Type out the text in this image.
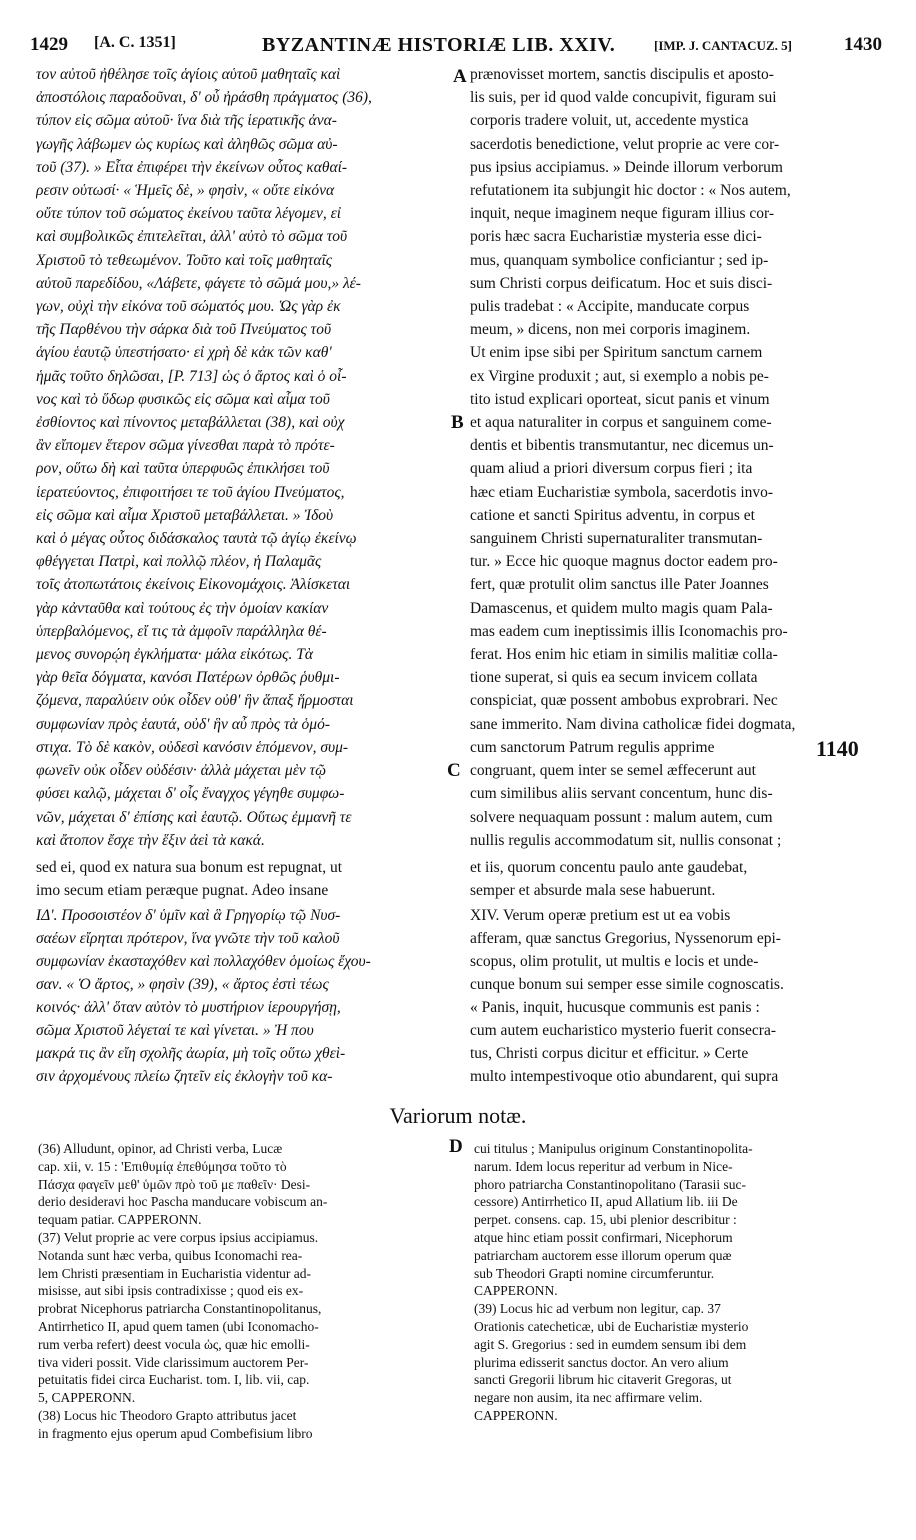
1429 [A. C. 1351]	BYZANTINÆ HISTORIÆ LIB. XXIV.	[IMP. J. CANTACUZ. 5]	1430
τον αὐτοῦ ἠθέλησε τοῖς ἁγίοις αὑτοῦ μαθηταῖς καὶ
ἀποστόλοις παραδοῦναι, δ' οὗ ἠράσθη πράγματος (36),
τύπον εἰς σῶμα αὐτοῦ· ἵνα διὰ τῆς ἱερατικῆς ἀνα-
γωγῆς λάβωμεν ὡς κυρίως καὶ ἀληθῶς σῶμα αὐ-
τοῦ (37). » Εἶτα ἐπιφέρει τὴν ἐκείνων οὗτος καθαί-
ρεσιν οὑτωσί· « Ἡμεῖς δὲ, » φησὶν, « οὔτε εἰκόνα
οὔτε τύπον τοῦ σώματος ἐκείνου ταῦτα λέγομεν, εἰ
καὶ συμβολικῶς ἐπιτελεῖται, ἀλλ' αὐτὸ τὸ σῶμα τοῦ
Χριστοῦ τὸ τεθεωμένον. Τοῦτο καὶ τοῖς μαθηταῖς
αὐτοῦ παρεδίδου, «Λάβετε, φάγετε τὸ σῶμά μου,» λέ-
γων, οὐχὶ τὴν εἰκόνα τοῦ σώματός μου. Ὡς γὰρ ἐκ
τῆς Παρθένου τὴν σάρκα διὰ τοῦ Πνεύματος τοῦ
ἁγίου ἑαυτῷ ὑπεστήσατο· εἰ χρὴ δὲ κἀκ τῶν καθ'
ἡμᾶς τοῦτο δηλῶσαι, [P. 713] ὡς ὁ ἄρτος καὶ ὁ οἶ-
νος καὶ τὸ ὕδωρ φυσικῶς εἰς σῶμα καὶ αἷμα τοῦ
ἐσθίοντος καὶ πίνοντος μεταβάλλεται (38), καὶ οὐχ
ἂν εἴπομεν ἕτερον σῶμα γίνεσθαι παρὰ τὸ πρότε-
ρον, οὕτω δὴ καὶ ταῦτα ὑπερφυῶς ἐπικλήσει τοῦ
ἱερατεύοντος, ἐπιφοιτήσει τε τοῦ ἁγίου Πνεύματος,
εἰς σῶμα καὶ αἷμα Χριστοῦ μεταβάλλεται. » Ἰδοὺ
καὶ ὁ μέγας οὗτος διδάσκαλος ταυτὰ τῷ ἁγίῳ ἐκείνῳ
φθέγγεται Πατρὶ, καὶ πολλῷ πλέον, ἡ Παλαμᾶς
τοῖς ἀτοπωτάτοις ἐκείνοις Εἰκονομάχοις. Ἁλίσκεται
γὰρ κἀνταῦθα καὶ τούτους ἐς τὴν ὁμοίαν κακίαν
ὑπερβαλόμενος, εἴ τις τὰ ἀμφοῖν παράλληλα θέ-
μενος συνορῴη ἐγκλήματα· μάλα εἰκότως. Τὰ
γὰρ θεῖα δόγματα, κανόσι Πατέρων ὀρθῶς ῥυθμι-
ζόμενα, παραλύειν οὐκ οἶδεν οὐθ' ἣν ἅπαξ ἥρμοσται
συμφωνίαν πρὸς ἑαυτά, οὐδ' ἣν αὖ πρὸς τὰ ὁμό-
στιχα. Τὸ δὲ κακὸν, οὐδεσὶ κανόσιν ἑπόμενον, συμ-
φωνεῖν οὐκ οἶδεν οὐδέσιν· ἀλλὰ μάχεται μὲν τῷ
φύσει καλῷ, μάχεται δ' οἷς ἔναγχος γέγηθε συμφω-
νῶν, μάχεται δ' ἐπίσης καὶ ἑαυτῷ. Οὕτως ἐμμανῆ τε
καὶ ἄτοπον ἔσχε τὴν ἕξιν ἀεὶ τὰ κακά.
prænovisset mortem, sanctis discipulis et aposto-
lis suis, per id quod valde concupivit, figuram sui
corporis tradere voluit, ut, accedente mystica
sacerdotis benedictione, velut proprie ac vere cor-
pus ipsius accipiamus. » Deinde illorum verborum
refutationem ita subjungit hic doctor : « Nos autem,
inquit, neque imaginem neque figuram illius cor-
poris hæc sacra Eucharistiæ mysteria esse dici-
mus, quanquam symbolice conficiantur ; sed ip-
sum Christi corpus deificatum. Hoc et suis disci-
pulis tradebat : « Accipite, manducate corpus
meum, » dicens, non mei corporis imaginem.
Ut enim ipse sibi per Spiritum sanctum carnem
ex Virgine produxit ; aut, si exemplo a nobis pe-
tito istud explicari oporteat, sicut panis et vinum
et aqua naturaliter in corpus et sanguinem come-
dentis et bibentis transmutantur, nec dicemus un-
quam aliud a priori diversum corpus fieri ; ita
hæc etiam Eucharistiæ symbola, sacerdotis invo-
catione et sancti Spiritus adventu, in corpus et
sanguinem Christi supernaturaliter transmutan-
tur. » Ecce hic quoque magnus doctor eadem pro-
fert, quæ protulit olim sanctus ille Pater Joannes
Damascenus, et quidem multo magis quam Pala-
mas eadem cum ineptissimis illis Iconomachis pro-
ferat. Hos enim hic etiam in similis malitiæ colla-
tione superat, si quis ea secum invicem collata
conspiciat, quæ possent ambobus exprobrari. Nec
sane immerito. Nam divina catholicæ fidei dogmata,
cum sanctorum Patrum regulis apprime
congruant, quem inter se semel æffecerunt aut
cum similibus aliis servant concentum, hunc dis-
solvere nequaquam possunt : malum autem, cum
nullis regulis accommodatum sit, nullis consonat ;
A
B
C
D
1140
sed ei, quod ex natura sua bonum est repugnat, ut
imo secum etiam peræque pugnat. Adeo insane
et iis, quorum concentu paulo ante gaudebat,
semper et absurde mala sese habuerunt.
ΙΔ'. Προσοιστέον δ' ὑμῖν καὶ ἃ Γρηγορίῳ τῷ Νυσ-
σαέων εἴρηται πρότερον, ἵνα γνῶτε τὴν τοῦ καλοῦ
συμφωνίαν ἑκασταχόθεν καὶ πολλαχόθεν ὁμοίως ἔχου-
σαν. « Ὁ ἄρτος, » φησὶν (39), « ἄρτος ἐστὶ τέως
κοινός· ἀλλ' ὅταν αὐτὸν τὸ μυστήριον ἱερουργήσῃ,
σῶμα Χριστοῦ λέγεταί τε καὶ γίνεται. » Ἠ που
μακρά τις ἂν εἴη σχολῆς ἀωρία, μὴ τοῖς οὕτω χθεὶ-
σιν ἀρχομένους πλείω ζητεῖν εἰς ἐκλογὴν τοῦ κα-
XIV. Verum operæ pretium est ut ea vobis
afferam, quæ sanctus Gregorius, Nyssenorum epi-
scopus, olim protulit, ut multis e locis et unde-
cunque bonum sui semper esse simile cognoscatis.
« Panis, inquit, hucusque communis est panis :
cum autem eucharistico mysterio fuerit consecra-
tus, Christi corpus dicitur et efficitur. » Certe
multo intempestivoque otio abundarent, qui supra
Variorum notæ.
(36) Alludunt, opinor, ad Christi verba, Lucæ
cap. xii, v. 15 : 'Επιθυμίᾳ ἐπεθύμησα τοῦτο τὸ
Πάσχα φαγεῖν μεθ' ὑμῶν πρὸ τοῦ με παθεῖν· Desi-
derio desideravi hoc Pascha manducare vobiscum an-
tequam patiar. CAPPERONN.
(37) Velut proprie ac vere corpus ipsius accipiamus.
Notanda sunt hæc verba, quibus Iconomachi rea-
lem Christi præsentiam in Eucharistia videntur ad-
misisse, aut sibi ipsis contradixisse ; quod eis ex-
probrat Nicephorus patriarcha Constantinopolitanus,
Antirrhetico II, apud quem tamen (ubi Iconomacho-
rum verba refert) deest vocula ὡς, quæ hic emolli-
tiva videri possit. Vide clarissimum auctorem Per-
petuitatis fidei circa Eucharist. tom. I, lib. vii, cap.
5, CAPPERONN.
(38) Locus hic Theodoro Grapto attributus jacet
in fragmento ejus operum apud Combefisium libro
cui titulus ; Manipulus originum Constantinopolita-
narum. Idem locus reperitur ad verbum in Nice-
phoro patriarcha Constantinopolitano (Tarasii suc-
cessore) Antirrhetico II, apud Allatium lib. iii De
perpet. consens. cap. 15, ubi plenior describitur :
atque hinc etiam possit confirmari, Nicephorum
patriarcham auctorem esse illorum operum quæ
sub Theodori Grapti nomine circumferuntur.
CAPPERONN.
(39) Locus hic ad verbum non legitur, cap. 37
Orationis catecheticæ, ubi de Eucharistiæ mysterio
agit S. Gregorius : sed in eumdem sensum ibi dem
plurima edisserit sanctus doctor. An vero alium
sancti Gregorii librum hic citaverit Gregoras, ut
negare non ausim, ita nec affirmare velim.
CAPPERONN.
